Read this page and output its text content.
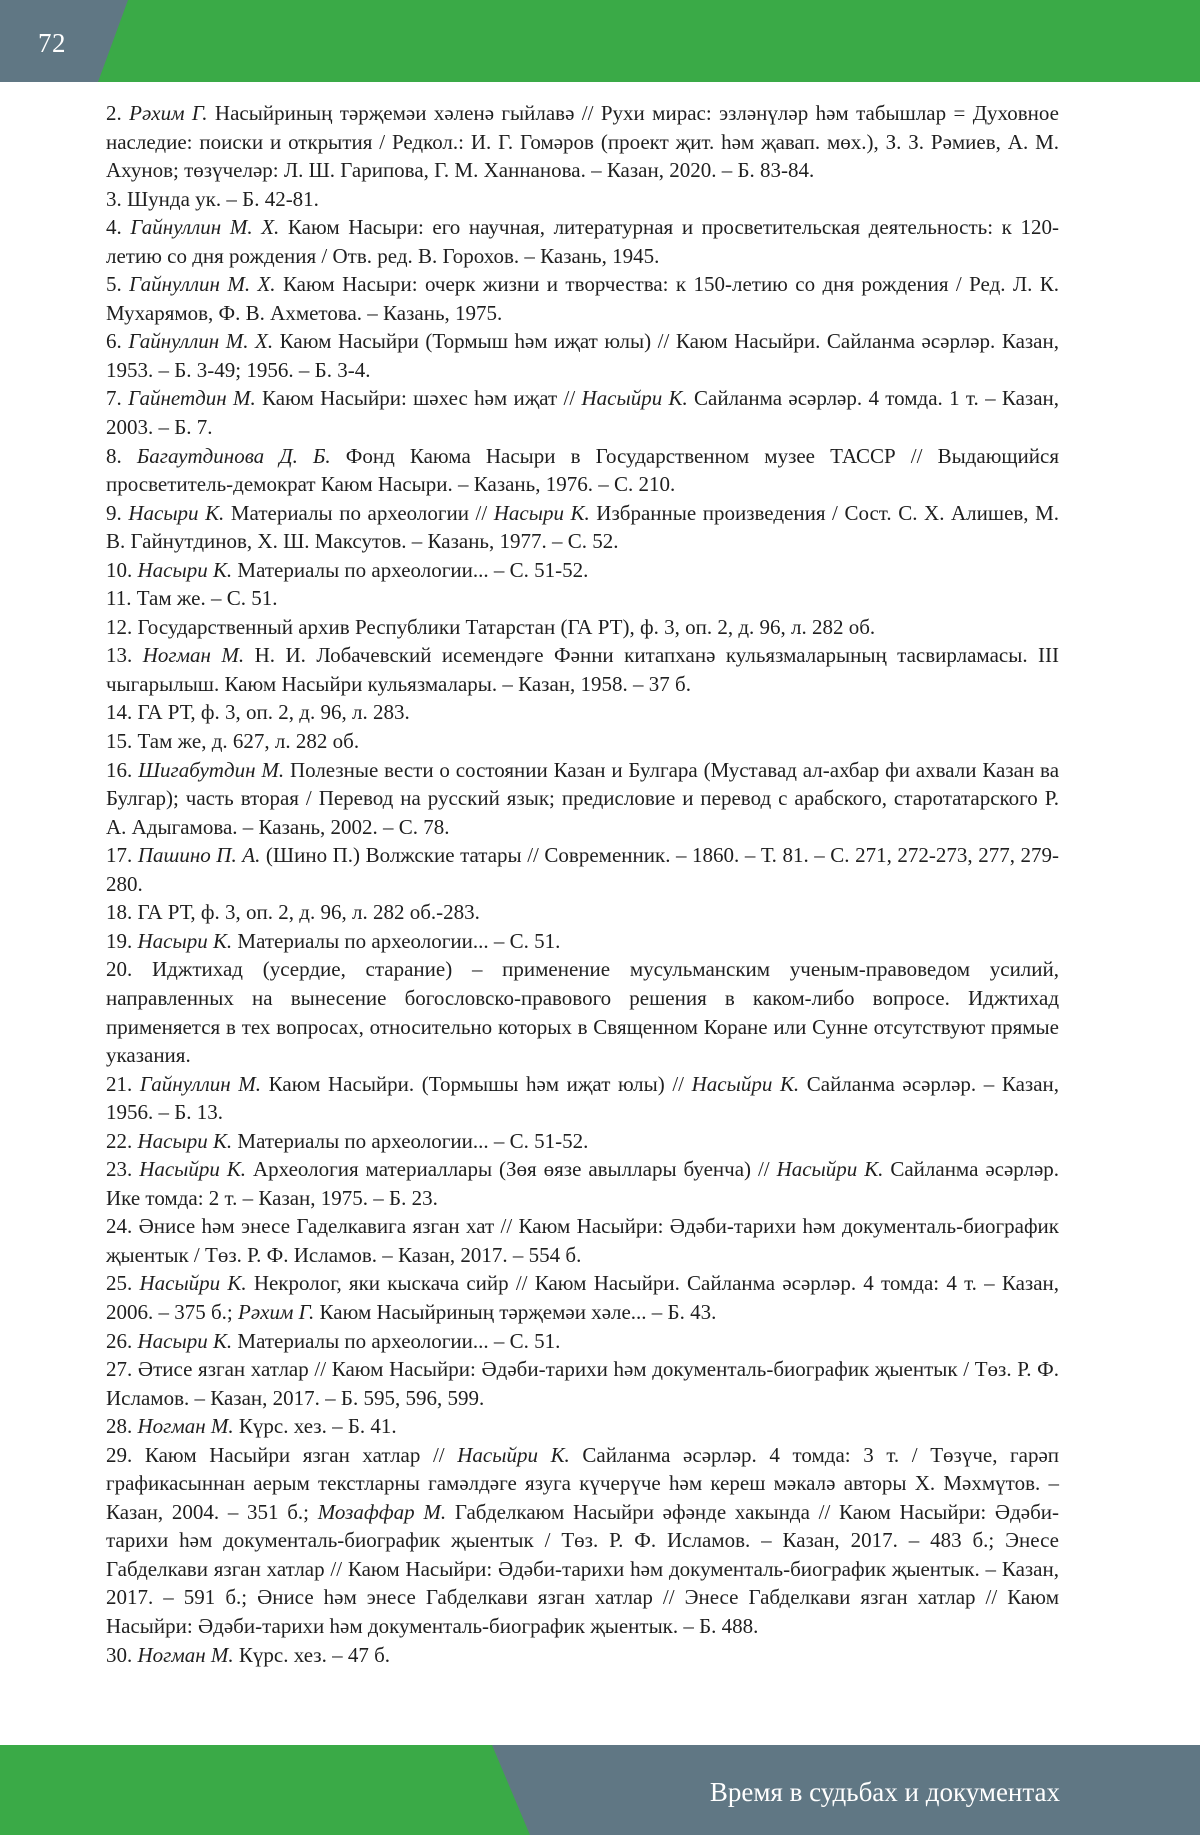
72

2. Рәхим Г. Насыйриның тәрҗемәи хәленә гыйлавә // Рухи мирас: эзләнүләр һәм табышлар = Духовное наследие: поиски и открытия / Редкол.: И. Г. Гомәров (проект җит. һәм җавап. мөх.), З. З. Рәмиев, А. М. Ахунов; төзүчеләр: Л. Ш. Гарипова, Г. М. Ханнанова. – Казан, 2020. – Б. 83-84.

3. Шунда ук. – Б. 42-81.

4. Гайнуллин М. Х. Каюм Насыри: его научная, литературная и просветительская деятельность: к 120-летию со дня рождения / Отв. ред. В. Горохов. – Казань, 1945.

5. Гайнуллин М. Х. Каюм Насыри: очерк жизни и творчества: к 150-летию со дня рождения / Ред. Л. К. Мухарямов, Ф. В. Ахметова. – Казань, 1975.

6. Гайнуллин М. Х. Каюм Насыйри (Тормыш һәм иҗат юлы) // Каюм Насыйри. Сайланма әсәрләр. Казан, 1953. – Б. 3-49; 1956. – Б. 3-4.

7. Гайнетдин М. Каюм Насыйри: шәхес һәм иҗат // Насыйри К. Сайланма әсәрләр. 4 томда. 1 т. – Казан, 2003. – Б. 7.

8. Багаутдинова Д. Б. Фонд Каюма Насыри в Государственном музее ТАССР // Выдающийся просветитель-демократ Каюм Насыри. – Казань, 1976. – С. 210.

9. Насыри К. Материалы по археологии // Насыри К. Избранные произведения / Сост. С. Х. Алишев, М. В. Гайнутдинов, Х. Ш. Максутов. – Казань, 1977. – С. 52.

10. Насыри К. Материалы по археологии... – С. 51-52.

11. Там же. – С. 51.

12. Государственный архив Республики Татарстан (ГА РТ), ф. 3, оп. 2, д. 96, л. 282 об.

13. Ногман М. Н. И. Лобачевский исемендәге Фәнни китапханә кульязмаларының тасвирламасы. III чыгарылыш. Каюм Насыйри кульязмалары. – Казан, 1958. – 37 б.

14. ГА РТ, ф. 3, оп. 2, д. 96, л. 283.

15. Там же, д. 627, л. 282 об.

16. Шигабутдин М. Полезные вести о состоянии Казан и Булгара (Муставад ал-ахбар фи ахвали Казан ва Булгар); часть вторая / Перевод на русский язык; предисловие и перевод с арабского, старотатарского Р. А. Адыгамова. – Казань, 2002. – С. 78.

17. Пашино П. А. (Шино П.) Волжские татары // Современник. – 1860. – Т. 81. – С. 271, 272-273, 277, 279-280.

18. ГА РТ, ф. 3, оп. 2, д. 96, л. 282 об.-283.

19. Насыри К. Материалы по археологии... – С. 51.

20. Иджтихад (усердие, старание) – применение мусульманским ученым-правоведом усилий, направленных на вынесение богословско-правового решения в каком-либо вопросе. Иджтихад применяется в тех вопросах, относительно которых в Священном Коране или Сунне отсутствуют прямые указания.

21. Гайнуллин М. Каюм Насыйри. (Тормышы һәм иҗат юлы) // Насыйри К. Сайланма әсәрләр. – Казан, 1956. – Б. 13.

22. Насыри К. Материалы по археологии... – С. 51-52.

23. Насыйри К. Археология материаллары (Зөя өязе авыллары буенча) // Насыйри К. Сайланма әсәрләр. Ике томда: 2 т. – Казан, 1975. – Б. 23.

24. Әнисе һәм энесе Гаделкавига язган хат // Каюм Насыйри: Әдәби-тарихи һәм документаль-биографик җыентык / Төз. Р. Ф. Исламов. – Казан, 2017. – 554 б.

25. Насыйри К. Некролог, яки кыскача сийр // Каюм Насыйри. Сайланма әсәрләр. 4 томда: 4 т. – Казан, 2006. – 375 б.; Рәхим Г. Каюм Насыйриның тәрҗемәи хәле... – Б. 43.

26. Насыри К. Материалы по археологии... – С. 51.

27. Әтисе язган хатлар // Каюм Насыйри: Әдәби-тарихи һәм документаль-биографик җыентык / Төз. Р. Ф. Исламов. – Казан, 2017. – Б. 595, 596, 599.

28. Ногман М. Күрс. хез. – Б. 41.

29. Каюм Насыйри язган хатлар // Насыйри К. Сайланма әсәрләр. 4 томда: 3 т. / Төзүче, гарәп графикасыннан аерым текстларны гамәлдәге язуга күчерүче һәм кереш мәкалә авторы Х. Мәхмүтов. – Казан, 2004. – 351 б.; Мозаффар М. Габделкаюм Насыйри әфәнде хакында // Каюм Насыйри: Әдәби-тарихи һәм документаль-биографик җыентык / Төз. Р. Ф. Исламов. – Казан, 2017. – 483 б.; Энесе Габделкави язган хатлар // Каюм Насыйри: Әдәби-тарихи һәм документаль-биографик җыентык. – Казан, 2017. – 591 б.; Әнисе һәм энесе Габделкави язган хатлар // Энесе Габделкави язган хатлар // Каюм Насыйри: Әдәби-тарихи һәм документаль-биографик җыентык. – Б. 488.

30. Ногман М. Күрс. хез. – 47 б.

Время в судьбах и документах
